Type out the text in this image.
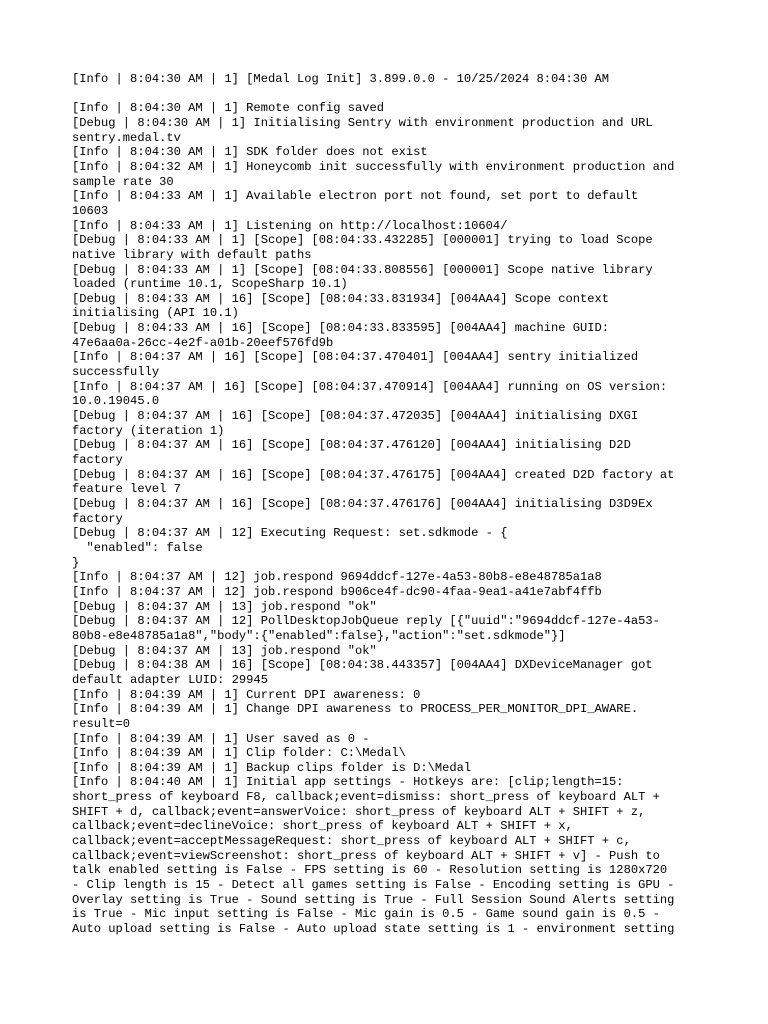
[Info | 8:04:30 AM | 1] [Medal Log Init] 3.899.0.0 - 10/25/2024 8:04:30 AM
[Info | 8:04:30 AM | 1] Remote config saved
[Debug | 8:04:30 AM | 1] Initialising Sentry with environment production and URL
sentry.medal.tv
[Info | 8:04:30 AM | 1] SDK folder does not exist
[Info | 8:04:32 AM | 1] Honeycomb init successfully with environment production and
sample rate 30
[Info | 8:04:33 AM | 1] Available electron port not found, set port to default
10603
[Info | 8:04:33 AM | 1] Listening on http://localhost:10604/
[Debug | 8:04:33 AM | 1] [Scope] [08:04:33.432285] [000001] trying to load Scope
native library with default paths
[Debug | 8:04:33 AM | 1] [Scope] [08:04:33.808556] [000001] Scope native library
loaded (runtime 10.1, ScopeSharp 10.1)
[Debug | 8:04:33 AM | 16] [Scope] [08:04:33.831934] [004AA4] Scope context
initialising (API 10.1)
[Debug | 8:04:33 AM | 16] [Scope] [08:04:33.833595] [004AA4] machine GUID:
47e6aa0a-26cc-4e2f-a01b-20eef576fd9b
[Info | 8:04:37 AM | 16] [Scope] [08:04:37.470401] [004AA4] sentry initialized
successfully
[Info | 8:04:37 AM | 16] [Scope] [08:04:37.470914] [004AA4] running on OS version:
10.0.19045.0
[Debug | 8:04:37 AM | 16] [Scope] [08:04:37.472035] [004AA4] initialising DXGI
factory (iteration 1)
[Debug | 8:04:37 AM | 16] [Scope] [08:04:37.476120] [004AA4] initialising D2D
factory
[Debug | 8:04:37 AM | 16] [Scope] [08:04:37.476175] [004AA4] created D2D factory at
feature level 7
[Debug | 8:04:37 AM | 16] [Scope] [08:04:37.476176] [004AA4] initialising D3D9Ex
factory
[Debug | 8:04:37 AM | 12] Executing Request: set.sdkmode - {
"enabled": false
}
[Info | 8:04:37 AM | 12] job.respond 9694ddcf-127e-4a53-80b8-e8e48785a1a8
[Info | 8:04:37 AM | 12] job.respond b906ce4f-dc90-4faa-9ea1-a41e7abf4ffb
[Debug | 8:04:37 AM | 13] job.respond "ok"
[Debug | 8:04:37 AM | 12] PollDesktopJobQueue reply [{"uuid":"9694ddcf-127e-4a53-
80b8-e8e48785a1a8","body":{"enabled":false},"action":"set.sdkmode"}]
[Debug | 8:04:37 AM | 13] job.respond "ok"
[Debug | 8:04:38 AM | 16] [Scope] [08:04:38.443357] [004AA4] DXDeviceManager got
default adapter LUID: 29945
[Info | 8:04:39 AM | 1] Current DPI awareness: 0
[Info | 8:04:39 AM | 1] Change DPI awareness to PROCESS_PER_MONITOR_DPI_AWARE.
result=0
[Info | 8:04:39 AM | 1] User saved as 0 -
[Info | 8:04:39 AM | 1] Clip folder: C:\Medal\
[Info | 8:04:39 AM | 1] Backup clips folder is D:\Medal
[Info | 8:04:40 AM | 1] Initial app settings - Hotkeys are: [clip;length=15:
short_press of keyboard F8, callback;event=dismiss: short_press of keyboard ALT +
SHIFT + d, callback;event=answerVoice: short_press of keyboard ALT + SHIFT + z,
callback;event=declineVoice: short_press of keyboard ALT + SHIFT + x,
callback;event=acceptMessageRequest: short_press of keyboard ALT + SHIFT + c,
callback;event=viewScreenshot: short_press of keyboard ALT + SHIFT + v] - Push to
talk enabled setting is False - FPS setting is 60 - Resolution setting is 1280x720
- Clip length is 15 - Detect all games setting is False - Encoding setting is GPU -
Overlay setting is True - Sound setting is True - Full Session Sound Alerts setting
is True - Mic input setting is False - Mic gain is 0.5 - Game sound gain is 0.5 -
Auto upload setting is False - Auto upload state setting is 1 - environment setting
